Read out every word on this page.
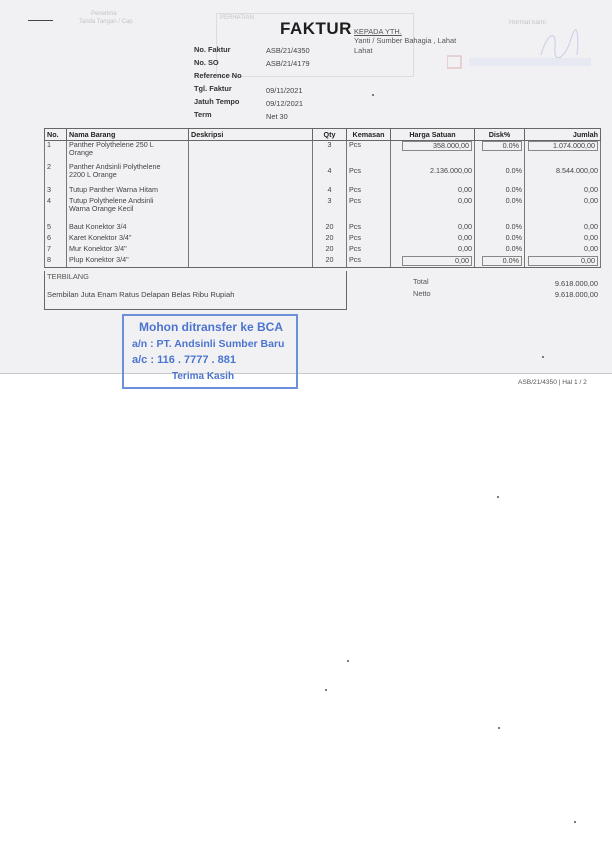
Penerima
Tanda Tangan / Cap
PERHATIAN
Hormat kami
FAKTUR KEPADA YTH.
Yanti / Sumber Bahagia , Lahat
Lahat
No. Faktur	ASB/21/4350
No. SO	ASB/21/4179
Reference No
Tgl. Faktur	09/11/2021
Jatuh Tempo	09/12/2021
Term	Net 30
No.	Nama Barang	Deskripsi	Qty	Kemasan	Harga Satuan	Disk%	Jumlah
1	Panther Polythelene 250 L
Orange		3	Pcs	358.000,00	0.0%	1.074.000,00
2	Panther Andsinli Polythelene
2200 L Orange		4	Pcs	2.136.000,00	0.0%	8.544.000,00
3	Tutup Panther Warna Hitam		4	Pcs	0,00	0.0%	0,00
4	Tutup Polythelene Andsinli
Warna Orange Kecil		3	Pcs	0,00	0.0%	0,00
5	Baut Konektor 3/4		20	Pcs	0,00	0.0%	0,00
6	Karet Konektor 3/4"		20	Pcs	0,00	0.0%	0,00
7	Mur Konektor 3/4"		20	Pcs	0,00	0.0%	0,00
8	Plup Konektor 3/4"		20	Pcs	0,00	0.0%	0,00
TERBILANG
Sembilan Juta Enam Ratus Delapan Belas Ribu Rupiah
Total	9.618.000,00
Netto	9.618.000,00
Mohon ditransfer ke BCA
a/n : PT. Andsinli Sumber Baru
a/c : 116 . 7777 . 881
Terima Kasih
ASB/21/4350 | Hal 1 / 2
